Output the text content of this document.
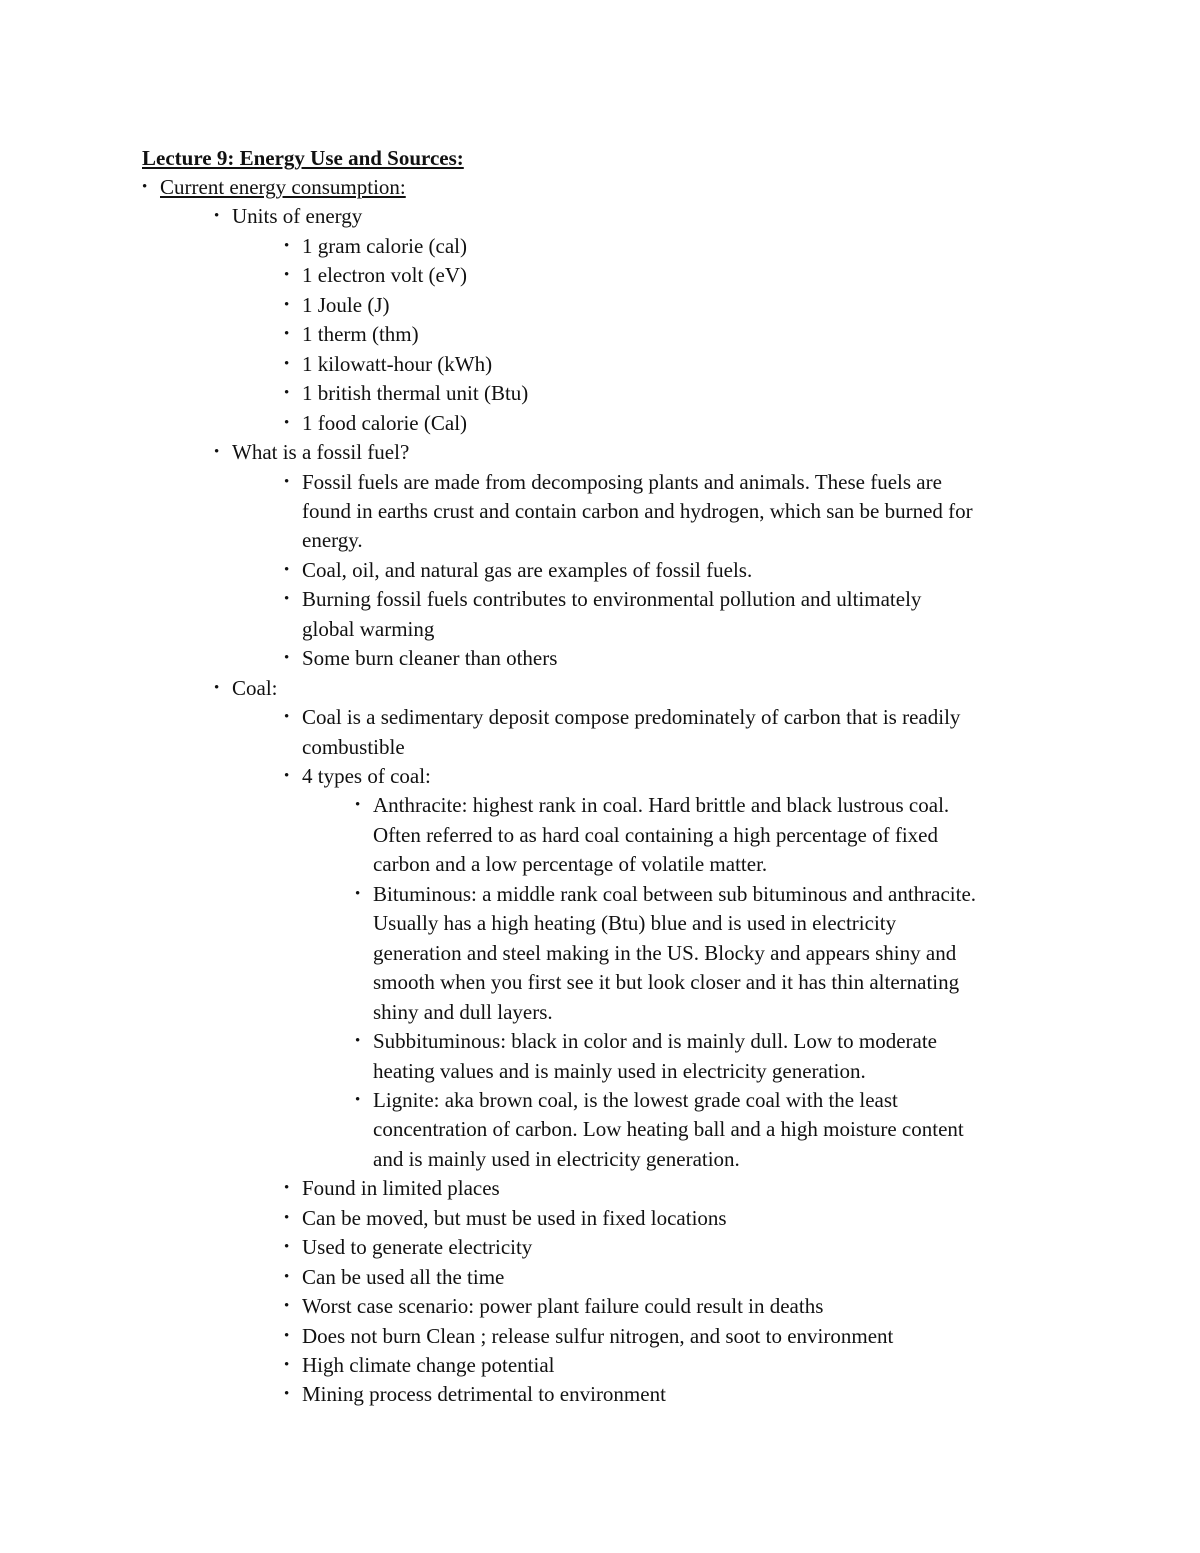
Lecture 9: Energy Use and Sources:
• Current energy consumption:
• Units of energy
• 1 gram calorie (cal)
• 1 electron volt (eV)
• 1 Joule (J)
• 1 therm (thm)
• 1 kilowatt-hour (kWh)
• 1 british thermal unit (Btu)
• 1 food calorie (Cal)
• What is a fossil fuel?
• Fossil fuels are made from decomposing plants and animals. These fuels are
found in earths crust and contain carbon and hydrogen, which san be burned for
energy.
• Coal, oil, and natural gas are examples of fossil fuels.
• Burning fossil fuels contributes to environmental pollution and ultimately
global warming
• Some burn cleaner than others
• Coal:
• Coal is a sedimentary deposit compose predominately of carbon that is readily
combustible
• 4 types of coal:
• Anthracite: highest rank in coal. Hard brittle and black lustrous coal.
Often referred to as hard coal containing a high percentage of fixed
carbon and a low percentage of volatile matter.
• Bituminous: a middle rank coal between sub bituminous and anthracite.
Usually has a high heating (Btu) blue and is used in electricity
generation and steel making in the US. Blocky and appears shiny and
smooth when you first see it but look closer and it has thin alternating
shiny and dull layers.
• Subbituminous: black in color and is mainly dull. Low to moderate
heating values and is mainly used in electricity generation.
• Lignite: aka brown coal, is the lowest grade coal with the least
concentration of carbon. Low heating ball and a high moisture content
and is mainly used in electricity generation.
• Found in limited places
• Can be moved, but must be used in fixed locations
• Used to generate electricity
• Can be used all the time
• Worst case scenario: power plant failure could result in deaths
• Does not burn Clean ; release sulfur nitrogen, and soot to environment
• High climate change potential
• Mining process detrimental to environment
